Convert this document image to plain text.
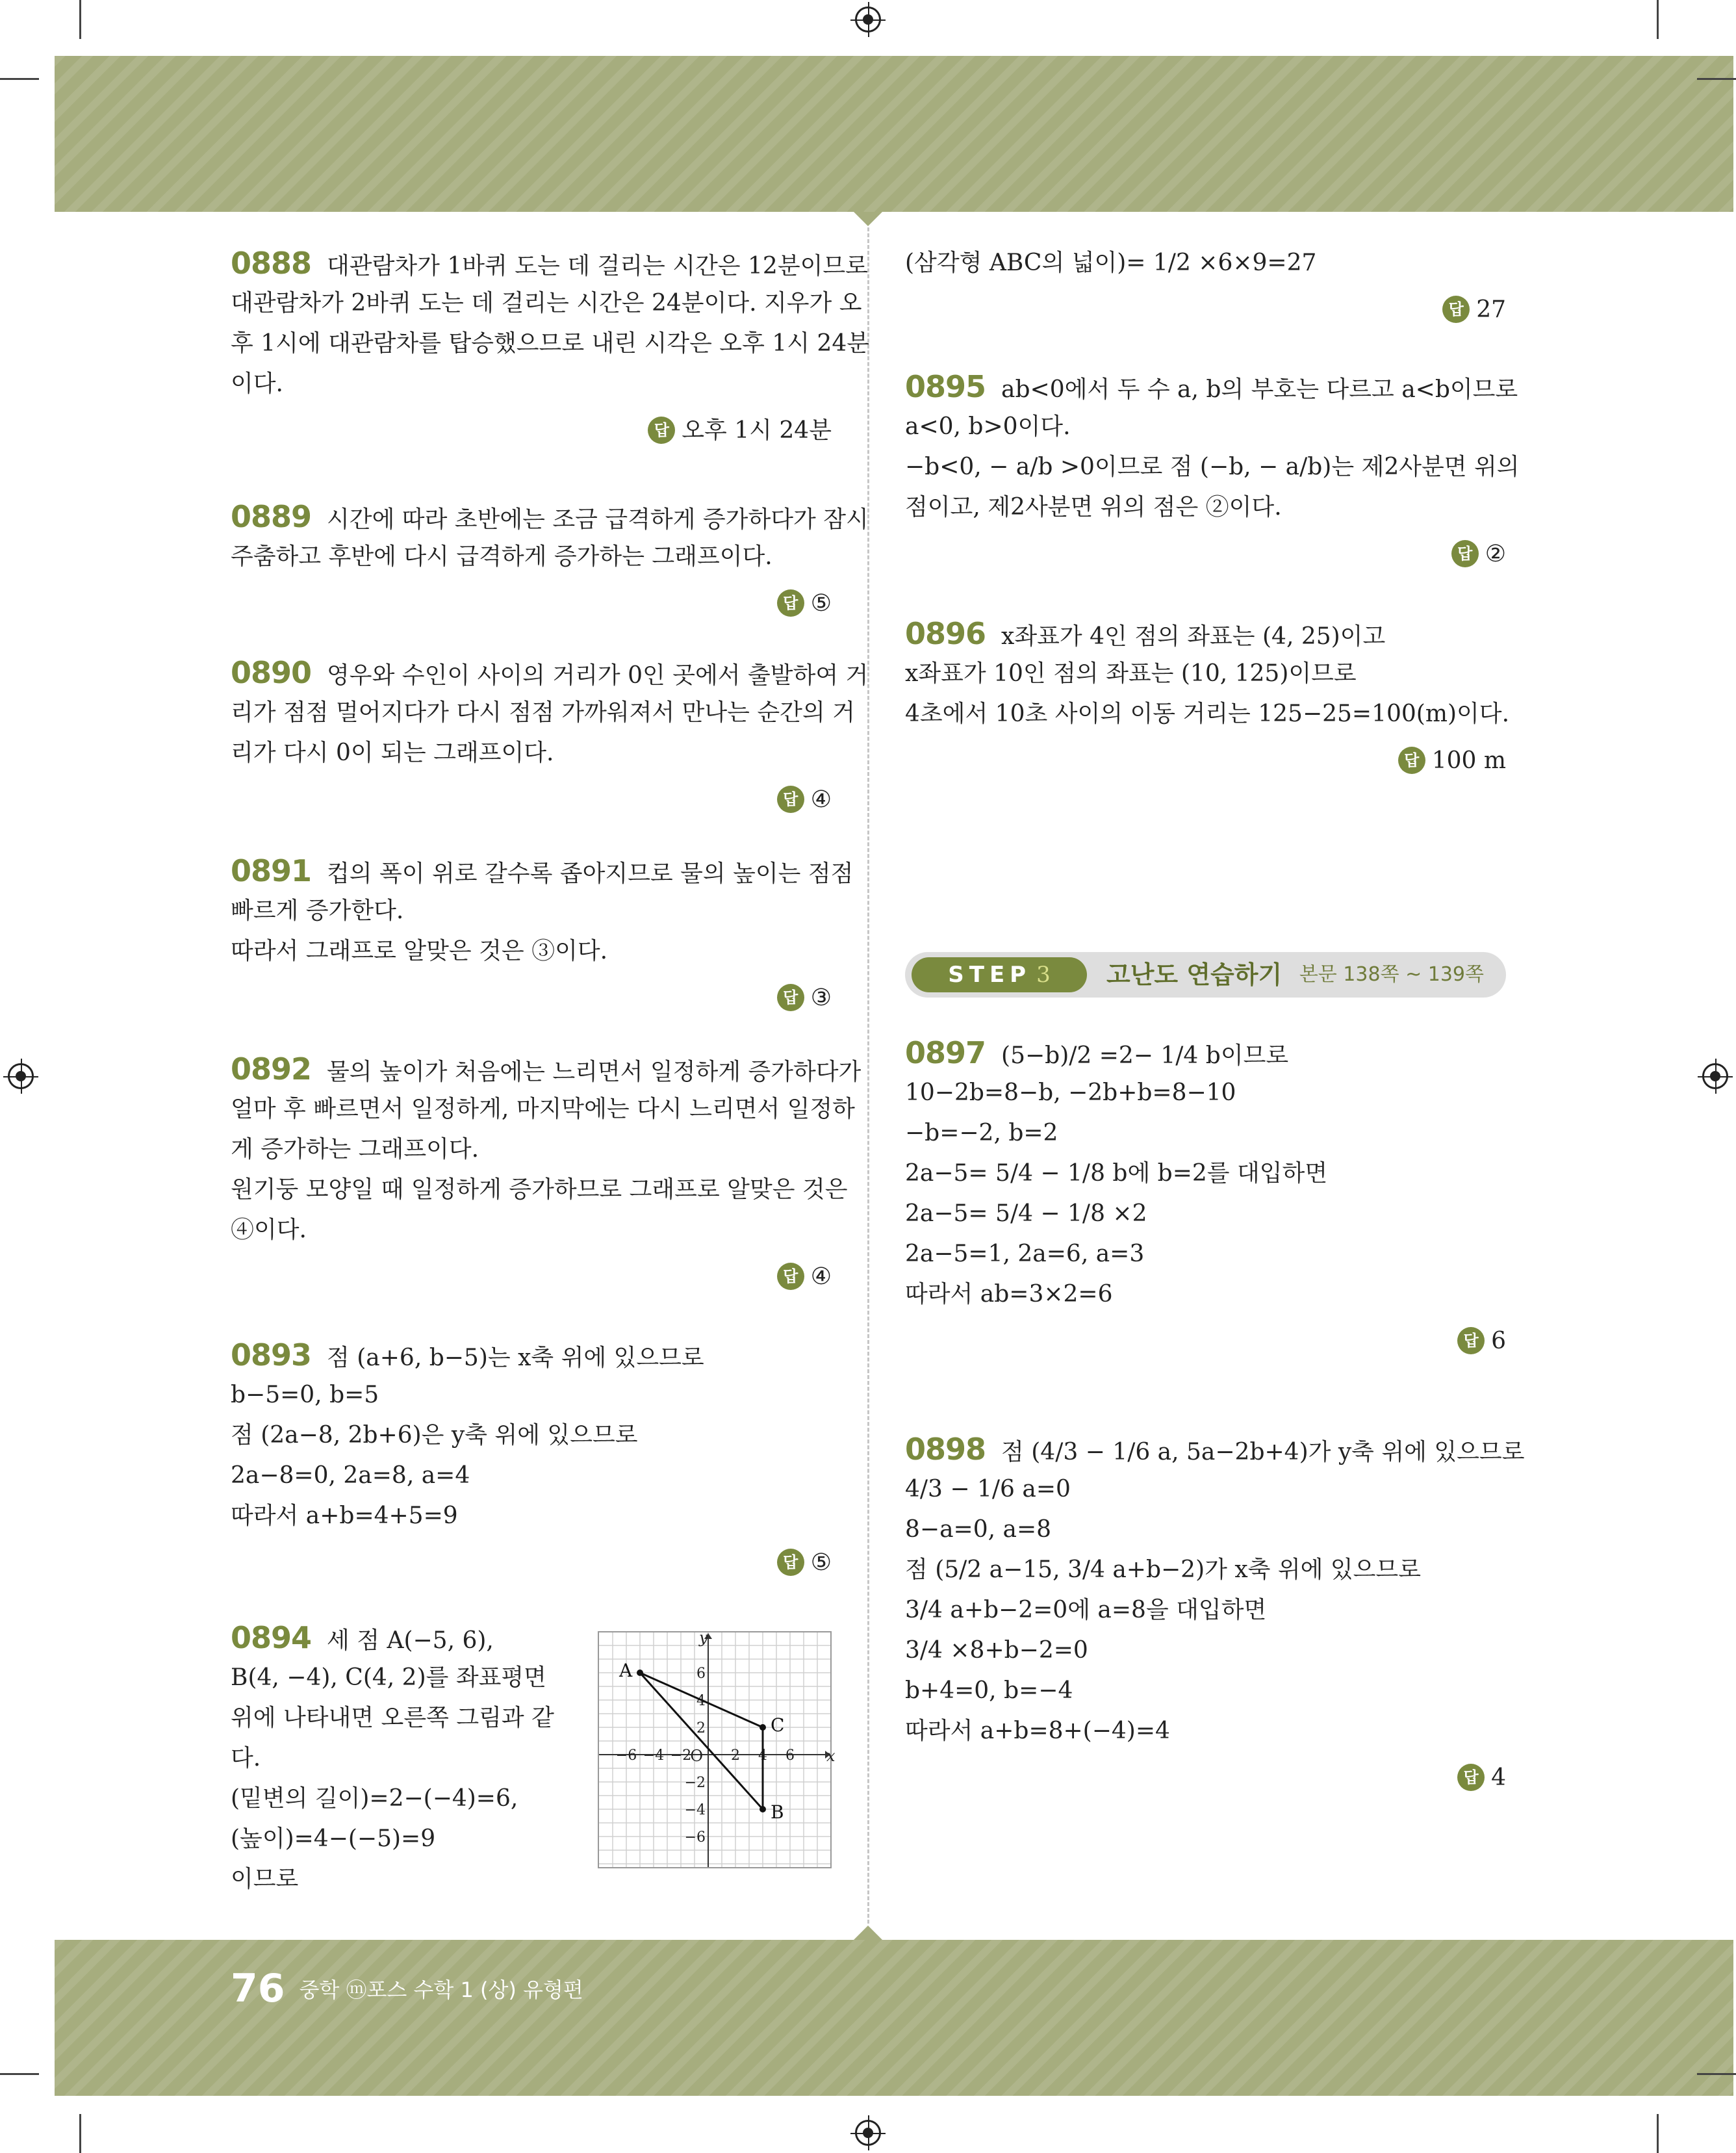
0888 대관람차가 1바퀴 도는 데 걸리는 시간은 12분이므로
대관람차가 2바퀴 도는 데 걸리는 시간은 24분이다. 지우가 오
후 1시에 대관람차를 탑승했으므로 내린 시각은 오후 1시 24분
이다.
답 오후 1시 24분
0889 시간에 따라 초반에는 조금 급격하게 증가하다가 잠시
주춤하고 후반에 다시 급격하게 증가하는 그래프이다.
답 ⑤
0890 영우와 수인이 사이의 거리가 0인 곳에서 출발하여 거
리가 점점 멀어지다가 다시 점점 가까워져서 만나는 순간의 거
리가 다시 0이 되는 그래프이다.
답 ④
0891 컵의 폭이 위로 갈수록 좁아지므로 물의 높이는 점점
빠르게 증가한다.
따라서 그래프로 알맞은 것은 ③이다.
답 ③
0892 물의 높이가 처음에는 느리면서 일정하게 증가하다가
얼마 후 빠르면서 일정하게, 마지막에는 다시 느리면서 일정하
게 증가하는 그래프이다.
원기둥 모양일 때 일정하게 증가하므로 그래프로 알맞은 것은
④이다.
답 ④
0893 점 (a+6, b−5)는 x축 위에 있으므로
b−5=0, b=5
점 (2a−8, 2b+6)은 y축 위에 있으므로
2a−8=0, 2a=8, a=4
따라서 a+b=4+5=9
답 ⑤
0894 세 점 A(−5, 6),
B(4, −4), C(4, 2)를 좌표평면
위에 나타내면 오른쪽 그림과 같
다.
(밑변의 길이)=2−(−4)=6,
(높이)=4−(−5)=9
이므로
(삼각형 ABC의 넓이)= 1/2 ×6×9=27
답 27
0895 ab<0에서 두 수 a, b의 부호는 다르고 a<b이므로
a<0, b>0이다.
−b<0, − a/b >0이므로 점 (−b, − a/b)는 제2사분면 위의
점이고, 제2사분면 위의 점은 ②이다.
답 ②
0896 x좌표가 4인 점의 좌표는 (4, 25)이고
x좌표가 10인 점의 좌표는 (10, 125)이므로
4초에서 10초 사이의 이동 거리는 125−25=100(m)이다.
답 100 m
0897 (5−b)/2 =2− 1/4 b이므로
10−2b=8−b, −2b+b=8−10
−b=−2, b=2
2a−5= 5/4 − 1/8 b에 b=2를 대입하면
2a−5= 5/4 − 1/8 ×2
2a−5=1, 2a=6, a=3
따라서 ab=3×2=6
답 6
0898 점 (4/3 − 1/6 a, 5a−2b+4)가 y축 위에 있으므로
4/3 − 1/6 a=0
8−a=0, a=8
점 (5/2 a−15, 3/4 a+b−2)가 x축 위에 있으므로
3/4 a+b−2=0에 a=8을 대입하면
3/4 ×8+b−2=0
b+4=0, b=−4
따라서 a+b=8+(−4)=4
답 4
STEP 3	고난도 연습하기 본문 138쪽 ~ 139쪽
−6 −4 −2	2 4 6
6
4
2
−2
−4
−6
O	x
y
A
B
C
76 중학 ⓜ포스 수학 1 (상) 유형편
